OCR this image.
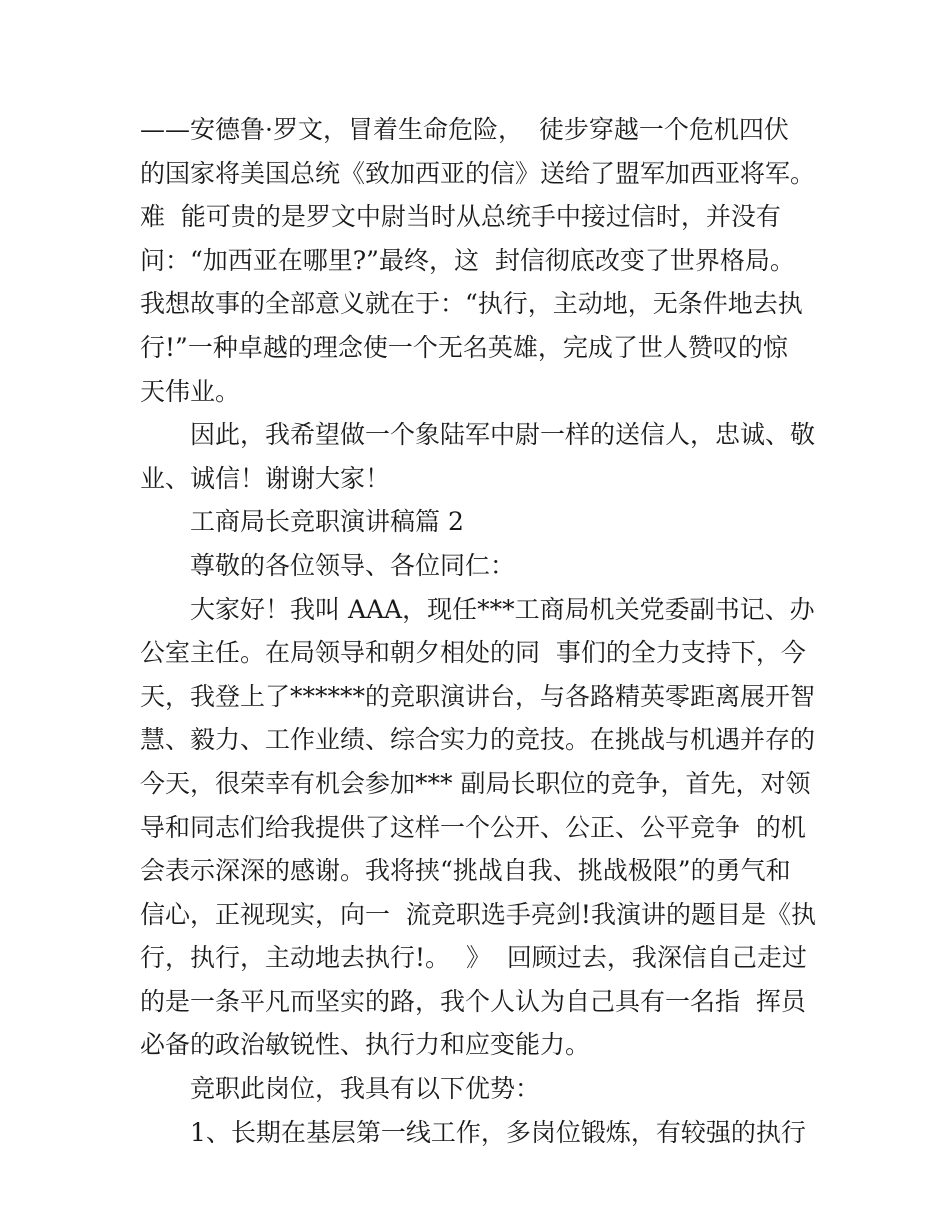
——安德鲁·罗文，冒着生命危险，  徒步穿越一个危机四伏
的国家将美国总统《致加西亚的信》送给了盟军加西亚将军。
难  能可贵的是罗文中尉当时从总统手中接过信时，并没有
问：“加西亚在哪里?”最终，这  封信彻底改变了世界格局。
我想故事的全部意义就在于：“执行，主动地，无条件地去执
行!”一种卓越的理念使一个无名英雄，完成了世人赞叹的惊
天伟业。
因此，我希望做一个象陆军中尉一样的送信人，忠诚、敬
业、诚信！谢谢大家！
工商局长竞职演讲稿篇 2
尊敬的各位领导、各位同仁：
大家好！我叫 AAA，现任***工商局机关党委副书记、办
公室主任。在局领导和朝夕相处的同  事们的全力支持下，今
天，我登上了******的竞职演讲台，与各路精英零距离展开智
慧、毅力、工作业绩、综合实力的竞技。在挑战与机遇并存的
今天，很荣幸有机会参加*** 副局长职位的竞争，首先，对领
导和同志们给我提供了这样一个公开、公正、公平竞争  的机
会表示深深的感谢。我将挟“挑战自我、挑战极限”的勇气和
信心，正视现实，向一  流竞职选手亮剑!我演讲的题目是《执
行，执行，主动地去执行!。  》  回顾过去，我深信自己走过
的是一条平凡而坚实的路，我个人认为自己具有一名指  挥员
必备的政治敏锐性、执行力和应变能力。
竞职此岗位，我具有以下优势：
1、长期在基层第一线工作，多岗位锻炼，有较强的执行
